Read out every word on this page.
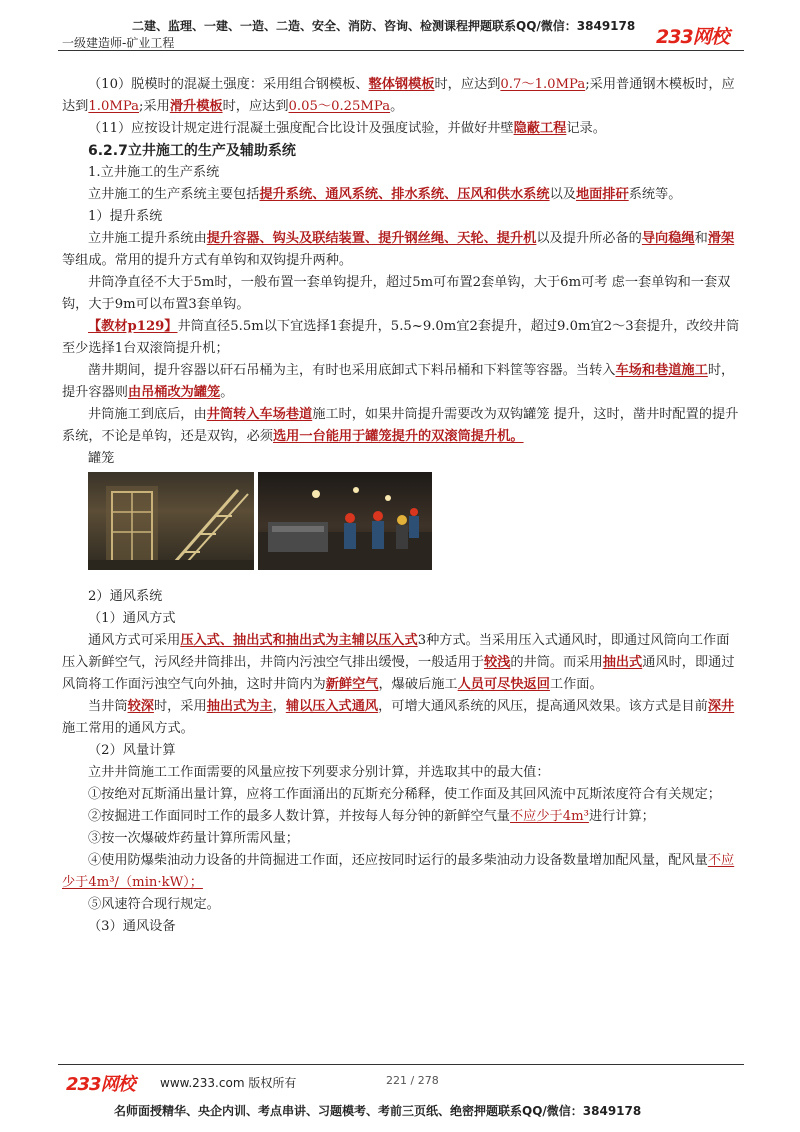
二建、监理、一建、一造、二造、安全、消防、咨询、检测课程押题联系QQ/微信：3849178
一级建造师-矿业工程	233网校

（10）脱模时的混凝土强度：采用组合钢模板、整体钢模板时，应达到0.7～1.0MPa;采用普通钢木模板时，应达到1.0MPa;采用滑升模板时，应达到0.05～0.25MPa。

（11）应按设计规定进行混凝土强度配合比设计及强度试验，并做好井壁隐蔽工程记录。

6.2.7立井施工的生产及辅助系统

1.立井施工的生产系统

立井施工的生产系统主要包括提升系统、通风系统、排水系统、压风和供水系统以及地面排矸系统等。

1）提升系统

立井施工提升系统由提升容器、钩头及联结装置、提升钢丝绳、天轮、提升机以及提升所必备的导向稳绳和滑架等组成。常用的提升方式有单钩和双钩提升两种。

井筒净直径不大于5m时，一般布置一套单钩提升，超过5m可布置2套单钩，大于6m可考 虑一套单钩和一套双钩，大于9m可以布置3套单钩。

【教材p129】井筒直径5.5m以下宜选择1套提升，5.5~9.0m宜2套提升，超过9.0m宜2～3套提升，改绞井筒至少选择1台双滚筒提升机；

凿井期间，提升容器以矸石吊桶为主，有时也采用底卸式下料吊桶和下料筐等容器。当转入车场和巷道施工时，提升容器则由吊桶改为罐笼。

井筒施工到底后，由井筒转入车场巷道施工时，如果井筒提升需要改为双钩罐笼 提升，这时，凿井时配置的提升系统，不论是单钩，还是双钩，必须选用一台能用于罐笼提升的双滚筒提升机。

罐笼

2）通风系统

（1）通风方式

通风方式可采用压入式、抽出式和抽出式为主辅以压入式3种方式。当采用压入式通风时，即通过风筒向工作面压入新鲜空气，污风经井筒排出，井筒内污浊空气排出缓慢，一般适用于较浅的井筒。而采用抽出式通风时，即通过风筒将工作面污浊空气向外抽，这时井筒内为新鲜空气，爆破后施工人员可尽快返回工作面。

当井筒较深时，采用抽出式为主，辅以压入式通风，可增大通风系统的风压，提高通风效果。该方式是目前深井施工常用的通风方式。

（2）风量计算

立井井筒施工工作面需要的风量应按下列要求分别计算，并选取其中的最大值：

①按绝对瓦斯涌出量计算，应将工作面涌出的瓦斯充分稀释，使工作面及其回风流中瓦斯浓度符合有关规定；

②按掘进工作面同时工作的最多人数计算，并按每人每分钟的新鲜空气量不应少于4m³进行计算；

③按一次爆破炸药量计算所需风量；

④使用防爆柴油动力设备的井筒掘进工作面，还应按同时运行的最多柴油动力设备数量增加配风量，配风量不应少于4m³/（min·kW）；

⑤风速符合现行规定。

（3）通风设备

233网校 www.233.com 版权所有	221 / 278
名师面授精华、央企内训、考点串讲、习题模考、考前三页纸、绝密押题联系QQ/微信：3849178
